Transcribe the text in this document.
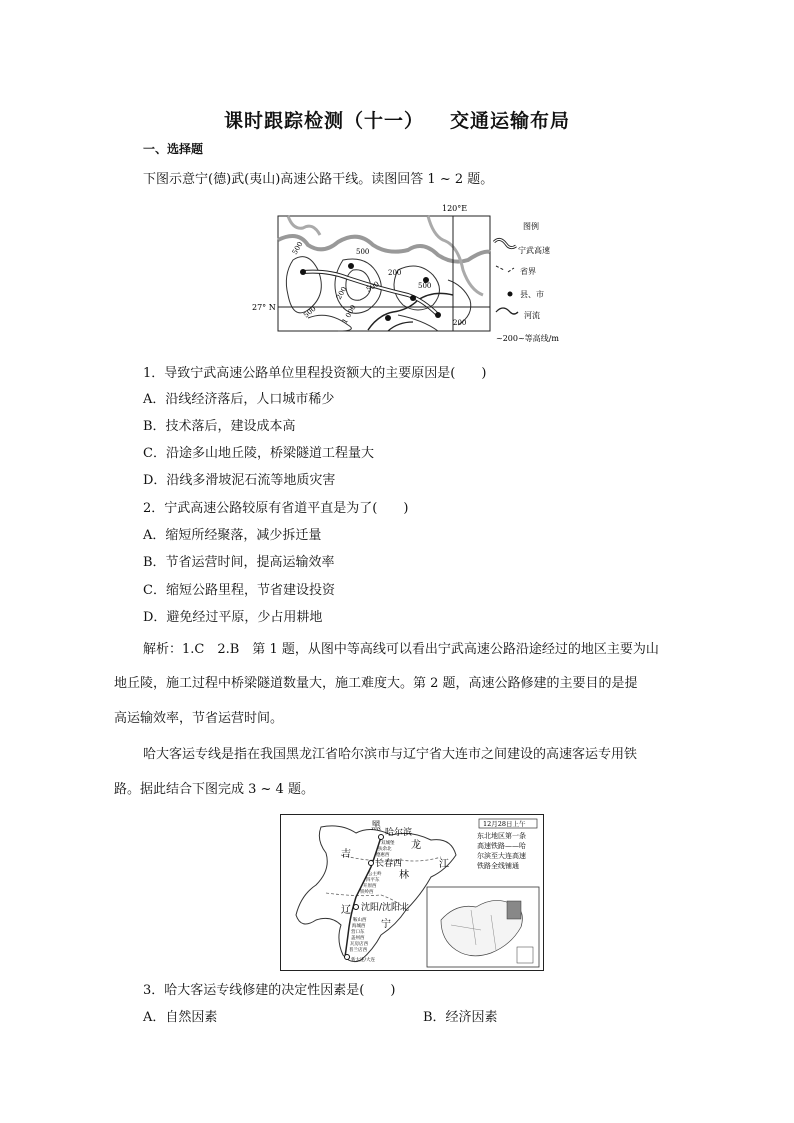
课时跟踪检测（十一） 交通运输布局
一、选择题
下图示意宁(德)武(夷山)高速公路干线。读图回答 1 ~ 2 题。
500	500
200 500
200
500	1 000
500
200
120°E
27° N
图例
宁武高速
省界
县、市
河流
~200~等高线/m
1．导致宁武高速公路单位里程投资额大的主要原因是(　　)
A．沿线经济落后，人口城市稀少
B．技术落后，建设成本高
C．沿途多山地丘陵，桥梁隧道工程量大
D．沿线多滑坡泥石流等地质灾害
2．宁武高速公路较原有省道平直是为了(　　)
A．缩短所经聚落，减少拆迁量
B．节省运营时间，提高运输效率
C．缩短公路里程，节省建设投资
D．避免经过平原，少占用耕地
解析：1.C　2.B　第 1 题，从图中等高线可以看出宁武高速公路沿途经过的地区主要为山
地丘陵，施工过程中桥梁隧道数量大，施工难度大。第 2 题，高速公路修建的主要目的是提
高运输效率，节省运营时间。
哈大客运专线是指在我国黑龙江省哈尔滨市与辽宁省大连市之间建设的高速客运专用铁
路。据此结合下图完成 3 ~ 4 题。
黑
龙
江
吉
林
辽
宁
哈尔滨
长春西
沈阳/沈阳北
双城堡
扶余北
德惠西
公主岭
四平东
开原西
铁岭西
鞍山西
海城西
营口东
盖州西
瓦房店西
普兰店西
新大连/大连
12月28日上午
东北地区第一条
高速铁路——哈
尔滨至大连高速
铁路全线铺通
3．哈大客运专线修建的决定性因素是(　　)
A．自然因素	B．经济因素
